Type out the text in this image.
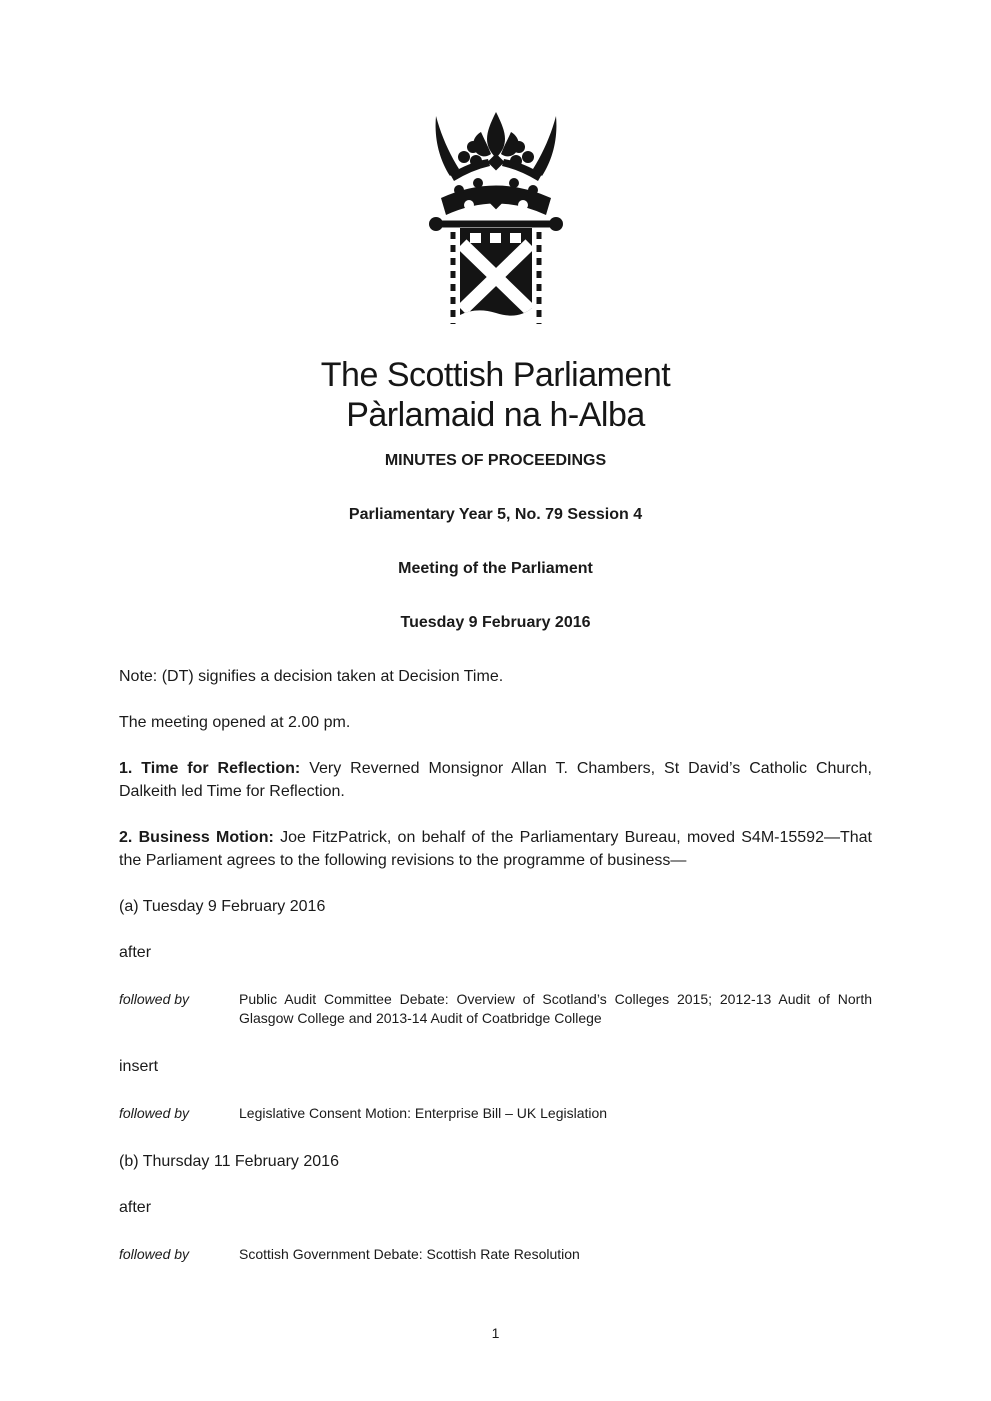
The Scottish Parliament
Pàrlamaid na h-Alba
MINUTES OF PROCEEDINGS
Parliamentary Year 5, No. 79 Session 4
Meeting of the Parliament
Tuesday 9 February 2016

Note: (DT) signifies a decision taken at Decision Time.

The meeting opened at 2.00 pm.

1. Time for Reflection: Very Reverned Monsignor Allan T. Chambers, St David’s Catholic Church, Dalkeith led Time for Reflection.

2. Business Motion: Joe FitzPatrick, on behalf of the Parliamentary Bureau, moved S4M-15592—That the Parliament agrees to the following revisions to the programme of business—

(a) Tuesday 9 February 2016

after

followed by	Public Audit Committee Debate: Overview of Scotland’s Colleges 2015; 2012-13 Audit of North Glasgow College and 2013-14 Audit of Coatbridge College

insert

followed by	Legislative Consent Motion: Enterprise Bill – UK Legislation

(b) Thursday 11 February 2016

after

followed by	Scottish Government Debate: Scottish Rate Resolution
1
